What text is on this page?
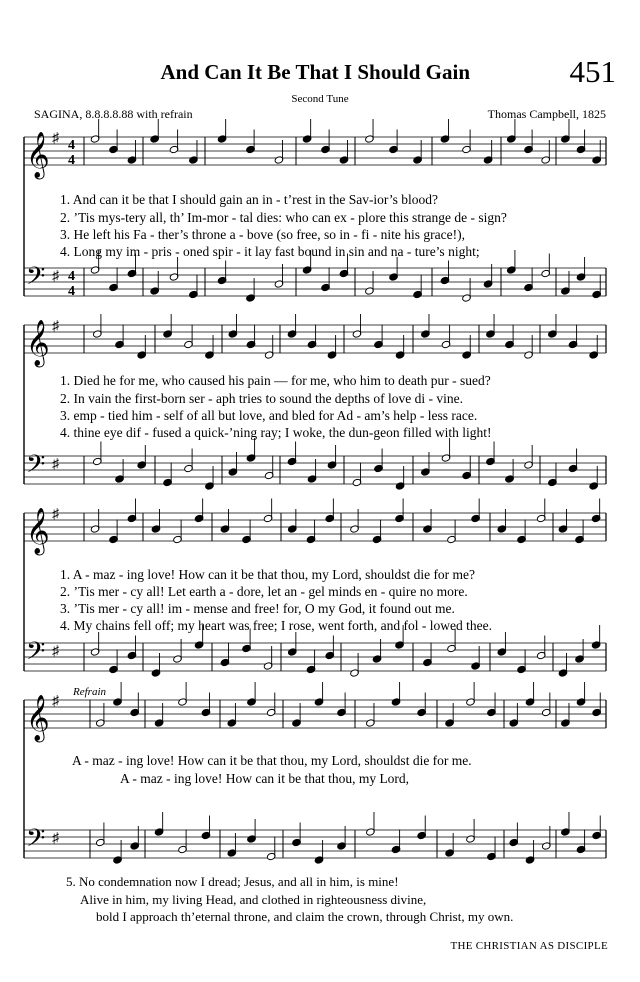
And Can It Be That I Should Gain	451
Second Tune
SAGINA, 8.8.8.8.88 with refrain	Thomas Campbell, 1825
𝄞 ♯
𝄢 ♯
4
4
4
4
𝄞 ♯
𝄢 ♯
𝄞 ♯
𝄢 ♯
𝄞 ♯
𝄢 ♯
1. And can it be that I should gain an in - t’rest in the Sav-ior’s blood?
2. ’Tis mys-tery all, th’ Im-mor - tal dies: who can ex - plore this strange de - sign?
3. He left his Fa - ther’s throne a - bove (so free, so in - fi - nite his grace!),
4. Long my im - pris - oned spir - it lay fast bound in sin and na - ture’s night;
1. Died he for me, who caused his pain — for me, who him to death pur - sued?
2. In vain the first-born ser - aph tries to sound the depths of love di - vine.
3. emp - tied him - self of all but love, and bled for Ad - am’s help - less race.
4. thine eye dif - fused a quick-’ning ray; I woke, the dun-geon filled with light!
1. A - maz - ing love! How can it be that thou, my Lord, shouldst die for me?
2. ’Tis mer - cy all! Let earth a - dore, let an - gel minds en - quire no more.
3. ’Tis mer - cy all! im - mense and free! for, O my God, it found out me.
4. My chains fell off; my heart was free; I rose, went forth, and fol - lowed thee.
Refrain
A - maz - ing love! How can it be that thou, my Lord, shouldst die for me.
A - maz - ing love! How can it be that thou, my Lord,
5. No condemnation now I dread; Jesus, and all in him, is mine!
Alive in him, my living Head, and clothed in righteousness divine,
bold I approach th’eternal throne, and claim the crown, through Christ, my own.
THE CHRISTIAN AS DISCIPLE
